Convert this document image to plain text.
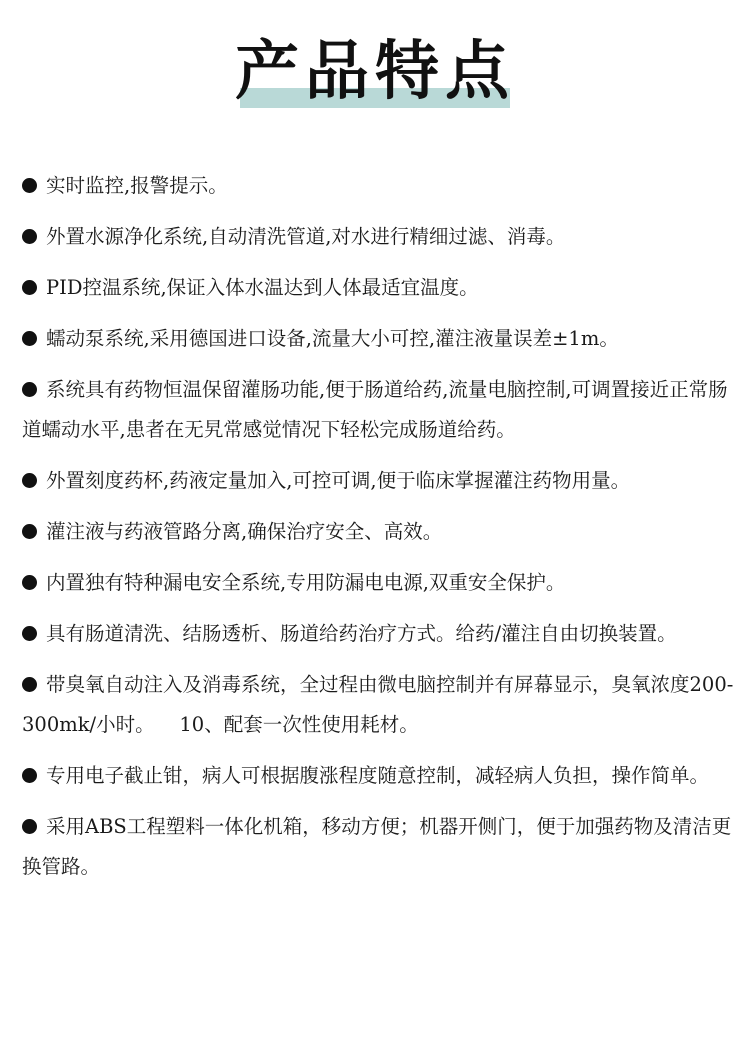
产品特点

实时监控,报警提示。

外置水源净化系统,自动清洗管道,对水进行精细过滤、消毒。

PID控温系统,保证入体水温达到人体最适宜温度。

蠕动泵系统,采用德国进口设备,流量大小可控,灌注液量误差±1m。

系统具有药物恒温保留灌肠功能,便于肠道给药,流量电脑控制,可调置接近正常肠道蠕动水平,患者在无旯常感觉情况下轻松完成肠道给药。

外置刻度药杯,药液定量加入,可控可调,便于临床掌握灌注药物用量。

灌注液与药液管路分离,确保治疗安全、高效。

内置独有特种漏电安全系统,专用防漏电电源,双重安全保护。

具有肠道清洗、结肠透析、肠道给药治疗方式。给药/灌注自由切换装置。

带臭氧自动注入及消毒系统，全过程由微电脑控制并有屏幕显示，臭氧浓度200-300mk/小时。    10、配套一次性使用耗材。

专用电子截止钳，病人可根据腹涨程度随意控制，减轻病人负担，操作简单。

采用ABS工程塑料一体化机箱，移动方便；机器开侧门，便于加强药物及清洁更换管路。
